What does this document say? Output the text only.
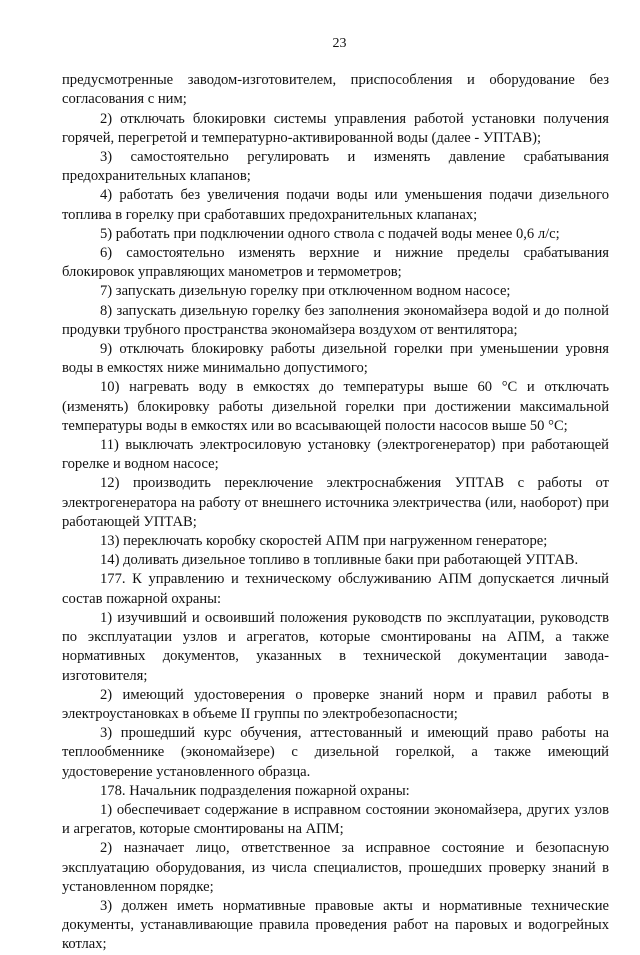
23

предусмотренные заводом-изготовителем, приспособления и оборудование без согласования с ним;

2) отключать блокировки системы управления работой установки получения горячей, перегретой и температурно-активированной воды (далее - УПТАВ);

3) самостоятельно регулировать и изменять давление срабатывания предохранительных клапанов;

4) работать без увеличения подачи воды или уменьшения подачи дизельного топлива в горелку при сработавших предохранительных клапанах;

5) работать при подключении одного ствола с подачей воды менее 0,6 л/с;

6) самостоятельно изменять верхние и нижние пределы срабатывания блокировок управляющих манометров и термометров;

7) запускать дизельную горелку при отключенном водном насосе;

8) запускать дизельную горелку без заполнения экономайзера водой и до полной продувки трубного пространства экономайзера воздухом от вентилятора;

9) отключать блокировку работы дизельной горелки при уменьшении уровня воды в емкостях ниже минимально допустимого;

10) нагревать воду в емкостях до температуры выше 60 °С и отключать (изменять) блокировку работы дизельной горелки при достижении максимальной температуры воды в емкостях или во всасывающей полости насосов выше 50 °С;

11) выключать электросиловую установку (электрогенератор) при работающей горелке и водном насосе;

12) производить переключение электроснабжения УПТАВ с работы от электрогенератора на работу от внешнего источника электричества (или, наоборот) при работающей УПТАВ;

13) переключать коробку скоростей АПМ при нагруженном генераторе;

14) доливать дизельное топливо в топливные баки при работающей УПТАВ.

177. К управлению и техническому обслуживанию АПМ допускается личный состав пожарной охраны:

1) изучивший и освоивший положения руководств по эксплуатации, руководств по эксплуатации узлов и агрегатов, которые смонтированы на АПМ, а также нормативных документов, указанных в технической документации завода-изготовителя;

2) имеющий удостоверения о проверке знаний норм и правил работы в электроустановках в объеме II группы по электробезопасности;

3) прошедший курс обучения, аттестованный и имеющий право работы на теплообменнике (экономайзере) с дизельной горелкой, а также имеющий удостоверение установленного образца.

178. Начальник подразделения пожарной охраны:

1) обеспечивает содержание в исправном состоянии экономайзера, других узлов и агрегатов, которые смонтированы на АПМ;

2) назначает лицо, ответственное за исправное состояние и безопасную эксплуатацию оборудования, из числа специалистов, прошедших проверку знаний в установленном порядке;

3) должен иметь нормативные правовые акты и нормативные технические документы, устанавливающие правила проведения работ на паровых и водогрейных котлах;
